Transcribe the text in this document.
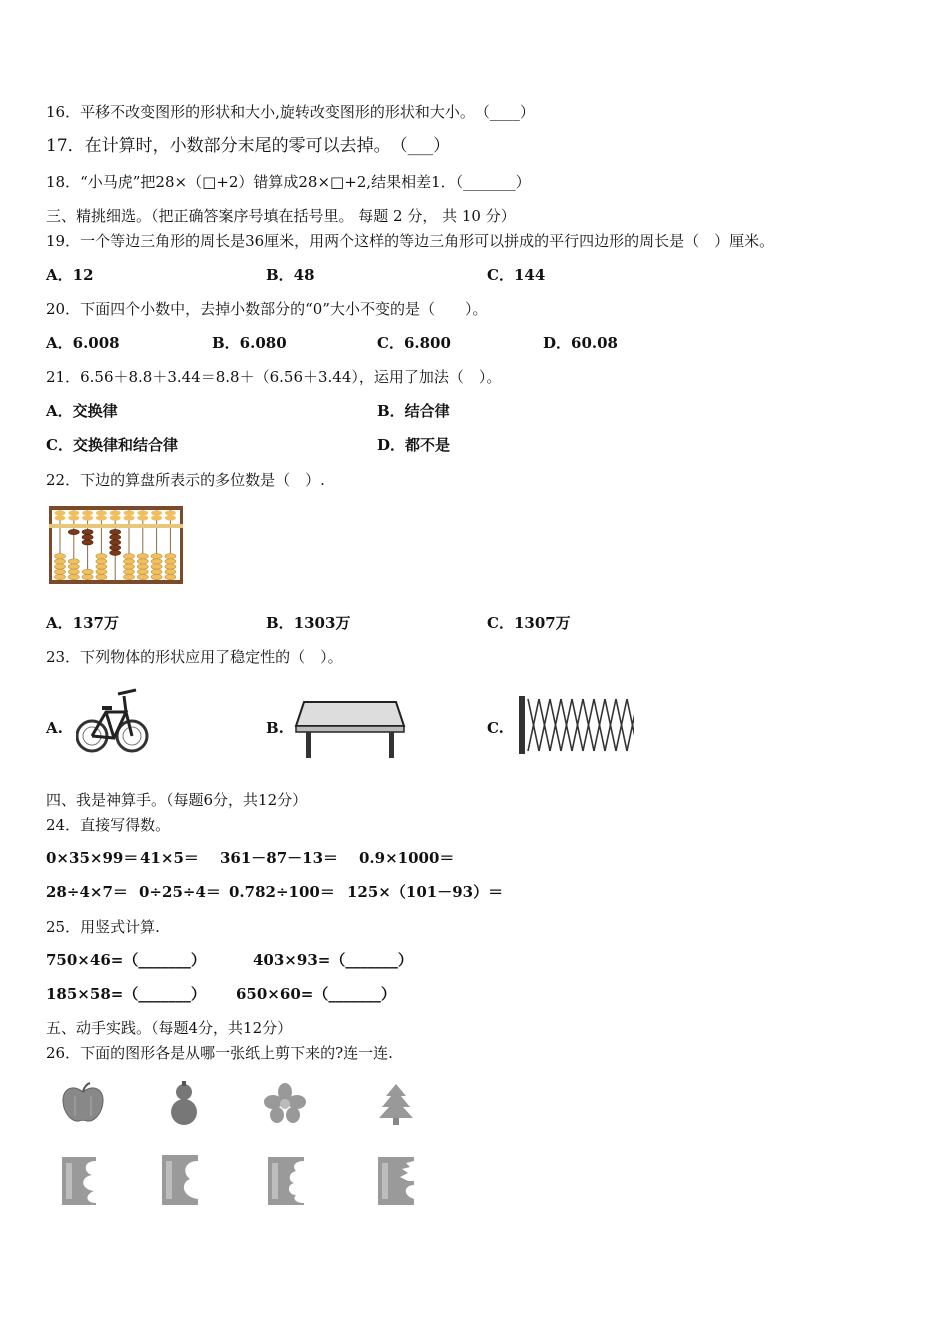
16．平移不改变图形的形状和大小,旋转改变图形的形状和大小。　（____）
17．在计算时，小数部分末尾的零可以去掉。　（___）
18．“小马虎”把28×（□+2）错算成28×□+2,结果相差1．（_______）
三、精挑细选。（把正确答案序号填在括号里。 每题 2 分， 共 10 分）
19．一个等边三角形的周长是36厘米，用两个这样的等边三角形可以拼成的平行四边形的周长是（　）厘米。
A．12	B．48	C．144
20．下面四个小数中，去掉小数部分的“0”大小不变的是（　　）。
A．6.008	B．6.080	C．6.800	D．60.08
21．6.56＋8.8＋3.44＝8.8＋（6.56＋3.44），运用了加法（　）。
A．交换律	B．结合律
C．交换律和结合律	D．都不是
22．下边的算盘所表示的多位数是（　）.
A．137万	B．1303万	C．1307万
23．下列物体的形状应用了稳定性的（　）。
A.	B.	C.
四、我是神算手。（每题6分，共12分）
24．直接写得数。
0×35×99＝ 41×5＝ 361－87－13＝ 0.9×1000＝
28÷4×7＝ 0÷25÷4＝ 0.782÷100＝ 125×（101－93）＝
25．用竖式计算.
750×46=（_______）	403×93=（_______）
185×58=（_______） 650×60=（_______）
五、动手实践。（每题4分，共12分）
26．下面的图形各是从哪一张纸上剪下来的?连一连.
